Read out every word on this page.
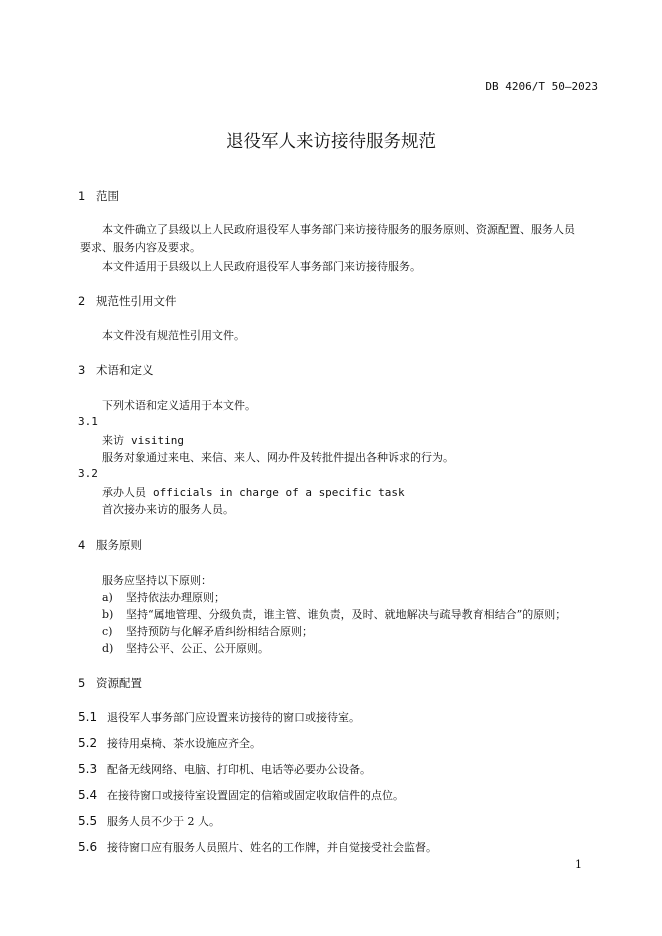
DB 4206/T 50—2023
退役军人来访接待服务规范
1 范围
本文件确立了县级以上人民政府退役军人事务部门来访接待服务的服务原则、资源配置、服务人员
要求、服务内容及要求。
本文件适用于县级以上人民政府退役军人事务部门来访接待服务。
2 规范性引用文件
本文件没有规范性引用文件。
3 术语和定义
下列术语和定义适用于本文件。
3.1
来访 visiting
服务对象通过来电、来信、来人、网办件及转批件提出各种诉求的行为。
3.2
承办人员 officials in charge of a specific task
首次接办来访的服务人员。
4 服务原则
服务应坚持以下原则：
a) 坚持依法办理原则；
b) 坚持“属地管理、分级负责，谁主管、谁负责，及时、就地解决与疏导教育相结合”的原则；
c) 坚持预防与化解矛盾纠纷相结合原则；
d) 坚持公平、公正、公开原则。
5 资源配置
5.1 退役军人事务部门应设置来访接待的窗口或接待室。
5.2 接待用桌椅、茶水设施应齐全。
5.3 配备无线网络、电脑、打印机、电话等必要办公设备。
5.4 在接待窗口或接待室设置固定的信箱或固定收取信件的点位。
5.5 服务人员不少于 2 人。
5.6 接待窗口应有服务人员照片、姓名的工作牌，并自觉接受社会监督。
1
